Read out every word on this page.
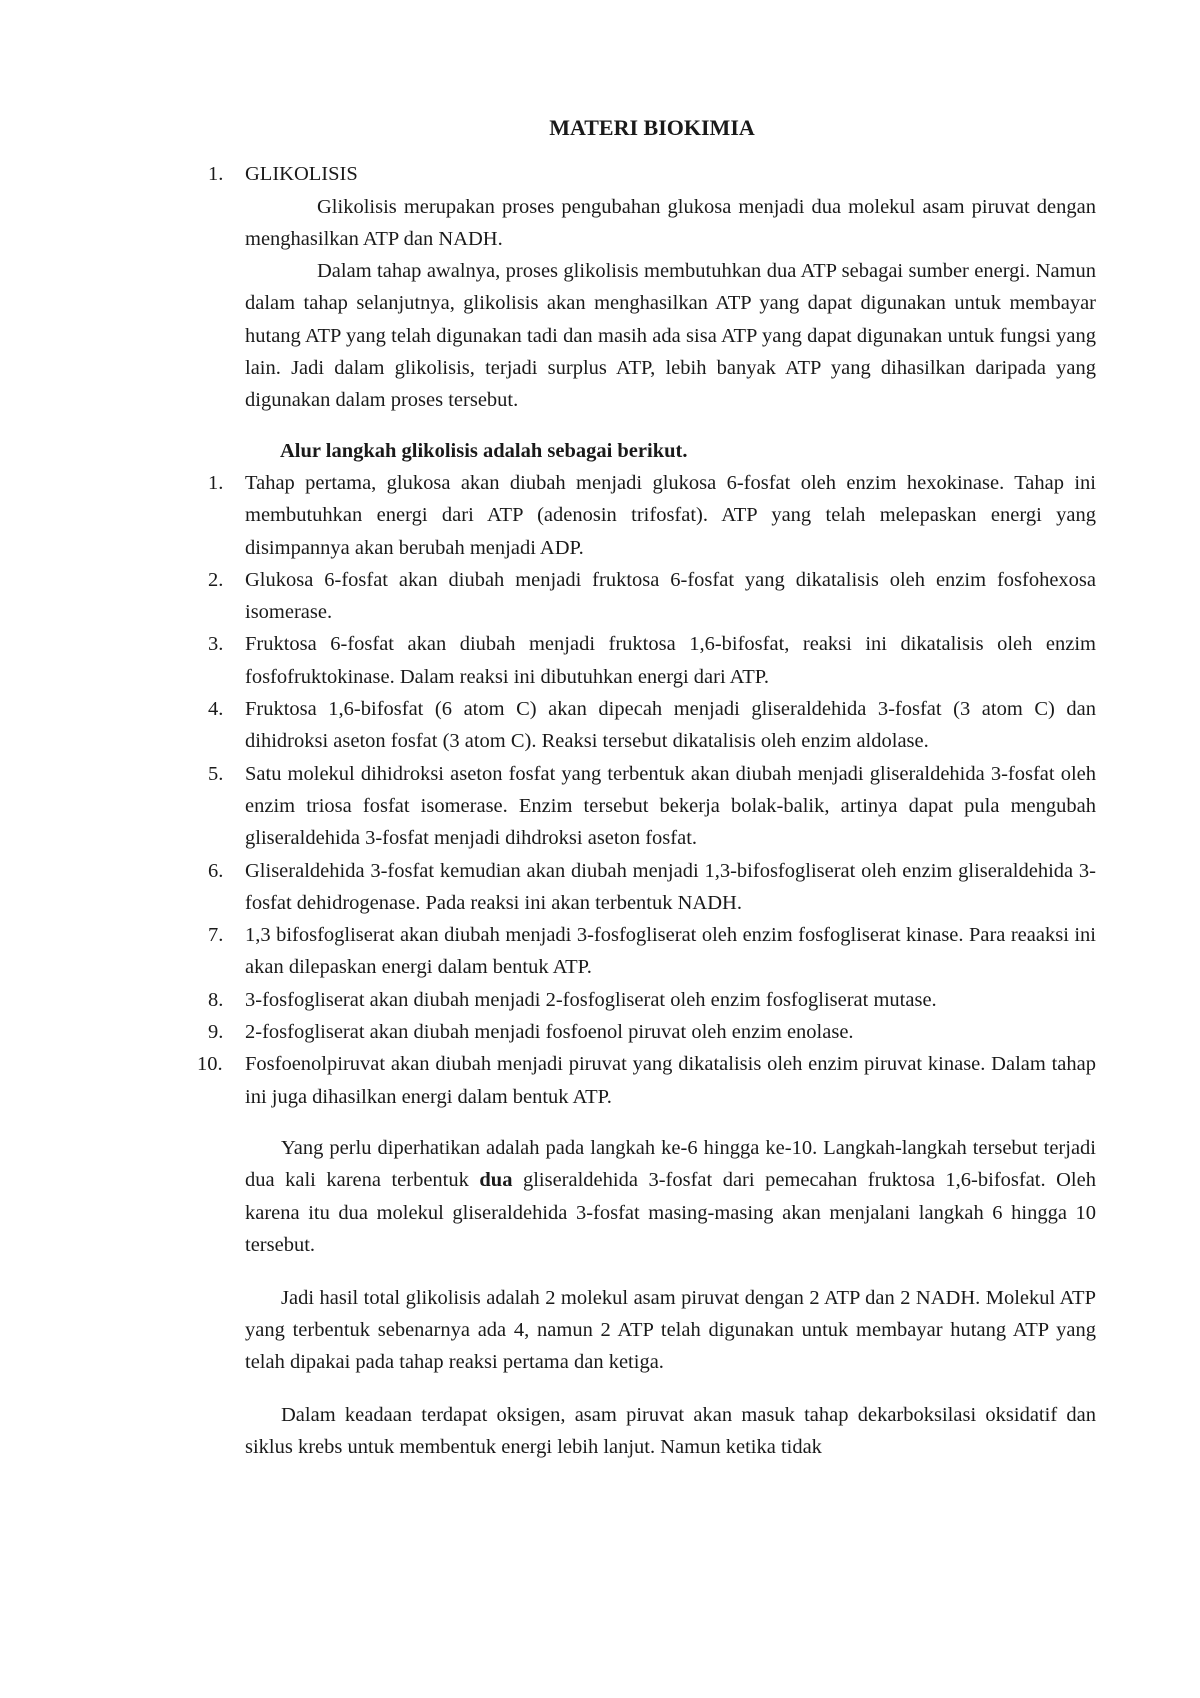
MATERI BIOKIMIA
1. GLIKOLISIS

Glikolisis merupakan proses pengubahan glukosa menjadi dua molekul asam piruvat dengan menghasilkan ATP dan NADH.

Dalam tahap awalnya, proses glikolisis membutuhkan dua ATP sebagai sumber energi. Namun dalam tahap selanjutnya, glikolisis akan menghasilkan ATP yang dapat digunakan untuk membayar hutang ATP yang telah digunakan tadi dan masih ada sisa ATP yang dapat digunakan untuk fungsi yang lain. Jadi dalam glikolisis, terjadi surplus ATP, lebih banyak ATP yang dihasilkan daripada yang digunakan dalam proses tersebut.

Alur langkah glikolisis adalah sebagai berikut.
1. Tahap pertama, glukosa akan diubah menjadi glukosa 6-fosfat oleh enzim hexokinase. Tahap ini membutuhkan energi dari ATP (adenosin trifosfat). ATP yang telah melepaskan energi yang disimpannya akan berubah menjadi ADP.
2. Glukosa 6-fosfat akan diubah menjadi fruktosa 6-fosfat yang dikatalisis oleh enzim fosfohexosa isomerase.
3. Fruktosa 6-fosfat akan diubah menjadi fruktosa 1,6-bifosfat, reaksi ini dikatalisis oleh enzim fosfofruktokinase. Dalam reaksi ini dibutuhkan energi dari ATP.
4. Fruktosa 1,6-bifosfat (6 atom C) akan dipecah menjadi gliseraldehida 3-fosfat (3 atom C) dan dihidroksi aseton fosfat (3 atom C). Reaksi tersebut dikatalisis oleh enzim aldolase.
5. Satu molekul dihidroksi aseton fosfat yang terbentuk akan diubah menjadi gliseraldehida 3-fosfat oleh enzim triosa fosfat isomerase. Enzim tersebut bekerja bolak-balik, artinya dapat pula mengubah gliseraldehida 3-fosfat menjadi dihdroksi aseton fosfat.
6. Gliseraldehida 3-fosfat kemudian akan diubah menjadi 1,3-bifosfogliserat oleh enzim gliseraldehida 3-fosfat dehidrogenase. Pada reaksi ini akan terbentuk NADH.
7. 1,3 bifosfogliserat akan diubah menjadi 3-fosfogliserat oleh enzim fosfogliserat kinase. Para reaaksi ini akan dilepaskan energi dalam bentuk ATP.
8. 3-fosfogliserat akan diubah menjadi 2-fosfogliserat oleh enzim fosfogliserat mutase.
9. 2-fosfogliserat akan diubah menjadi fosfoenol piruvat oleh enzim enolase.
10. Fosfoenolpiruvat akan diubah menjadi piruvat yang dikatalisis oleh enzim piruvat kinase. Dalam tahap ini juga dihasilkan energi dalam bentuk ATP.

Yang perlu diperhatikan adalah pada langkah ke-6 hingga ke-10. Langkah-langkah tersebut terjadi dua kali karena terbentuk dua gliseraldehida 3-fosfat dari pemecahan fruktosa 1,6-bifosfat. Oleh karena itu dua molekul gliseraldehida 3-fosfat masing-masing akan menjalani langkah 6 hingga 10 tersebut.

Jadi hasil total glikolisis adalah 2 molekul asam piruvat dengan 2 ATP dan 2 NADH. Molekul ATP yang terbentuk sebenarnya ada 4, namun 2 ATP telah digunakan untuk membayar hutang ATP yang telah dipakai pada tahap reaksi pertama dan ketiga.

Dalam keadaan terdapat oksigen, asam piruvat akan masuk tahap dekarboksilasi oksidatif dan siklus krebs untuk membentuk energi lebih lanjut. Namun ketika tidak
